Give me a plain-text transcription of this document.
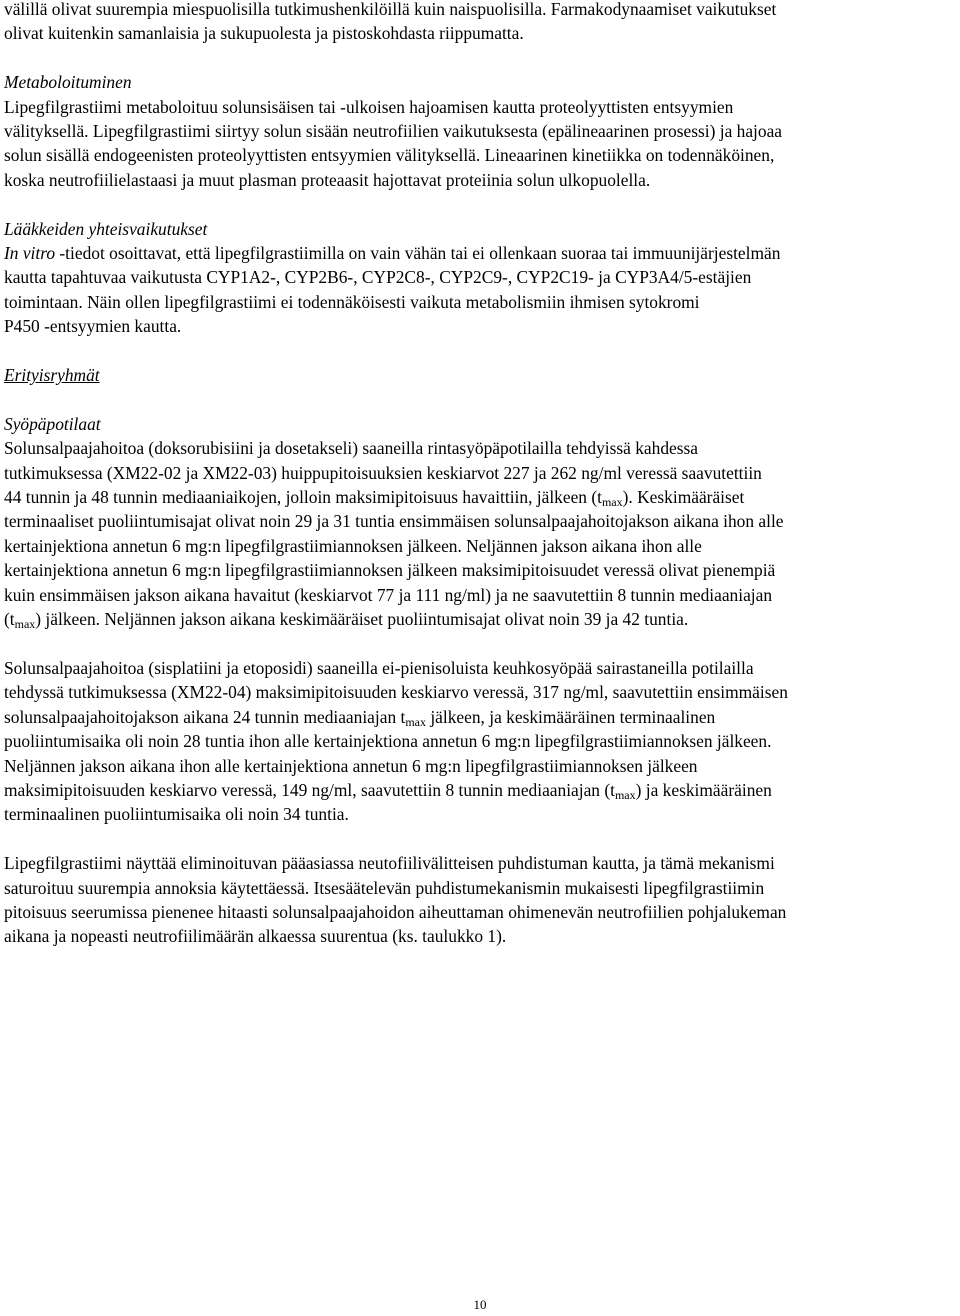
välillä olivat suurempia miespuolisilla tutkimushenkilöillä kuin naispuolisilla. Farmakodynaamiset vaikutukset
olivat kuitenkin samanlaisia ja sukupuolesta ja pistoskohdasta riippumatta.

Metaboloituminen

Lipegfilgrastiimi metaboloituu solunsisäisen tai -ulkoisen hajoamisen kautta proteolyyttisten entsyymien
välityksellä. Lipegfilgrastiimi siirtyy solun sisään neutrofiilien vaikutuksesta (epälineaarinen prosessi) ja hajoaa
solun sisällä endogeenisten proteolyyttisten entsyymien välityksellä. Lineaarinen kinetiikka on todennäköinen,
koska neutrofiilielastaasi ja muut plasman proteaasit hajottavat proteiinia solun ulkopuolella.

Lääkkeiden yhteisvaikutukset

In vitro -tiedot osoittavat, että lipegfilgrastiimilla on vain vähän tai ei ollenkaan suoraa tai immuunijärjestelmän
kautta tapahtuvaa vaikutusta CYP1A2-, CYP2B6-, CYP2C8-, CYP2C9-, CYP2C19- ja CYP3A4/5-estäjien
toimintaan. Näin ollen lipegfilgrastiimi ei todennäköisesti vaikuta metabolismiin ihmisen sytokromi
P450 -entsyymien kautta.

Erityisryhmät

Syöpäpotilaat

Solunsalpaajahoitoa (doksorubisiini ja dosetakseli) saaneilla rintasyöpäpotilailla tehdyissä kahdessa
tutkimuksessa (XM22-02 ja XM22-03) huippupitoisuuksien keskiarvot 227 ja 262 ng/ml veressä saavutettiin
44 tunnin ja 48 tunnin mediaaniaikojen, jolloin maksimipitoisuus havaittiin, jälkeen $(t_{max})$. Keskimääräiset
terminaaliset puoliintumisajat olivat noin 29 ja 31 tuntia ensimmäisen solunsalpaajahoitojakson aikana ihon alle
kertainjektiona annetun 6 mg:n lipegfilgrastiimiannoksen jälkeen. Neljännen jakson aikana ihon alle
kertainjektiona annetun 6 mg:n lipegfilgrastiimiannoksen jälkeen maksimipitoisuudet veressä olivat pienempiä
kuin ensimmäisen jakson aikana havaitut (keskiarvot 77 ja 111 ng/ml) ja ne saavutettiin 8 tunnin mediaaniajan
$(t_{max})$ jälkeen. Neljännen jakson aikana keskimääräiset puoliintumisajat olivat noin 39 ja 42 tuntia.

Solunsalpaajahoitoa (sisplatiini ja etoposidi) saaneilla ei-pienisoluista keuhkosyöpää sairastaneilla potilailla
tehdyssä tutkimuksessa (XM22-04) maksimipitoisuuden keskiarvo veressä, 317 ng/ml, saavutettiin ensimmäisen
solunsalpaajahoitojakson aikana 24 tunnin mediaaniajan $t_{max}$ jälkeen, ja keskimääräinen terminaalinen
puoliintumisaika oli noin 28 tuntia ihon alle kertainjektiona annetun 6 mg:n lipegfilgrastiimiannoksen jälkeen.
Neljännen jakson aikana ihon alle kertainjektiona annetun 6 mg:n lipegfilgrastiimiannoksen jälkeen
maksimipitoisuuden keskiarvo veressä, 149 ng/ml, saavutettiin 8 tunnin mediaaniajan $(t_{max})$ ja keskimääräinen
terminaalinen puoliintumisaika oli noin 34 tuntia.

Lipegfilgrastiimi näyttää eliminoituvan pääasiassa neutofiilivälitteisen puhdistuman kautta, ja tämä mekanismi
saturoituu suurempia annoksia käytettäessä. Itsesäätelevän puhdistumekanismin mukaisesti lipegfilgrastiimin
pitoisuus seerumissa pienenee hitaasti solunsalpaajahoidon aiheuttaman ohimenevän neutrofiilien pohjalukeman
aikana ja nopeasti neutrofiilimäärän alkaessa suurentua (ks. taulukko 1).

10
